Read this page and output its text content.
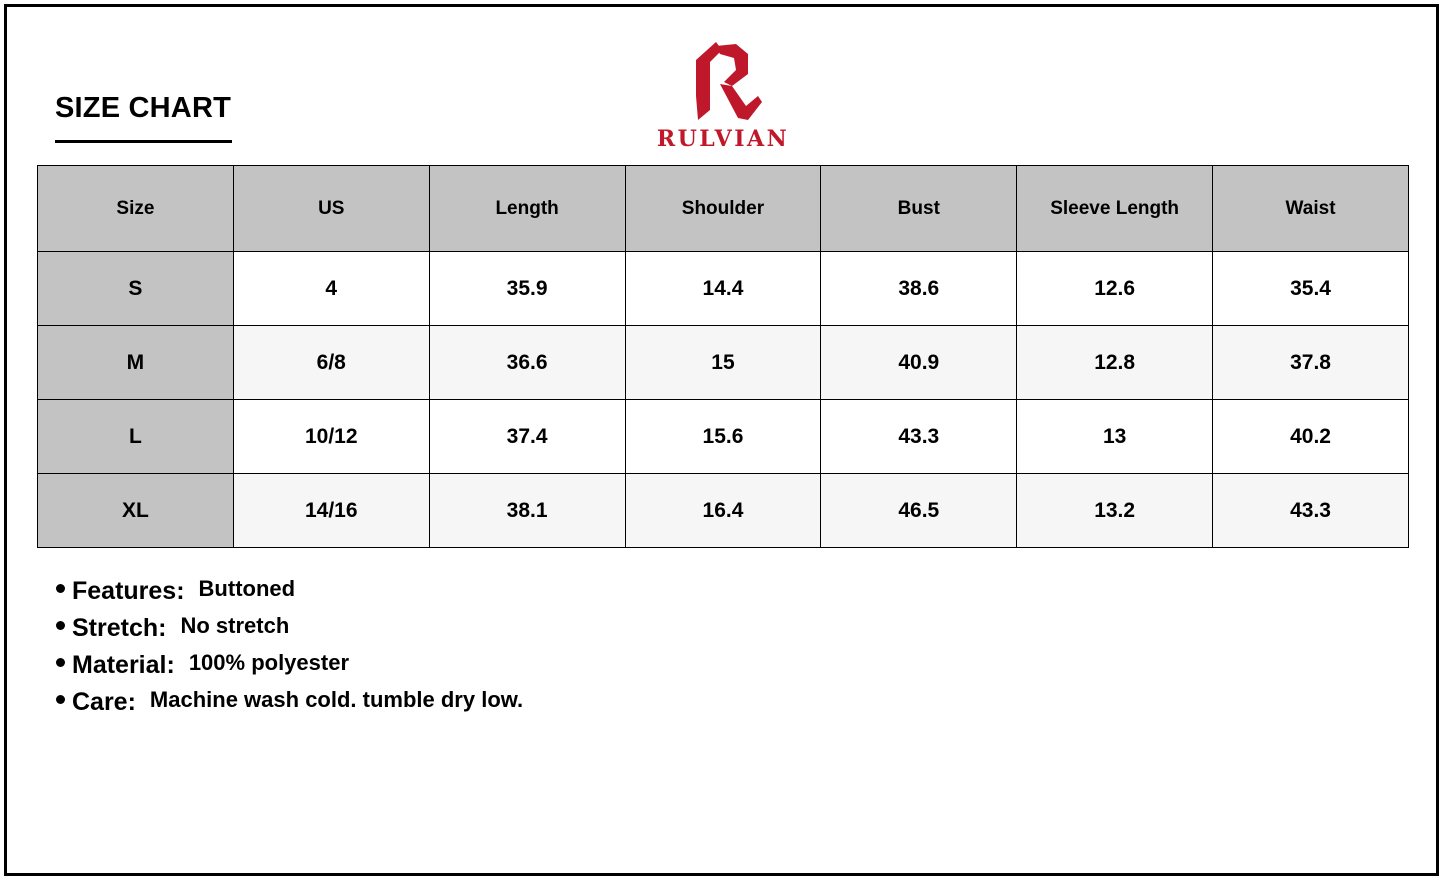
SIZE CHART
RULVIAN
Size	US	Length	Shoulder	Bust	Sleeve Length	Waist
S	4	35.9	14.4	38.6	12.6	35.4
M	6/8	36.6	15	40.9	12.8	37.8
L	10/12	37.4	15.6	43.3	13	40.2
XL	14/16	38.1	16.4	46.5	13.2	43.3
Features: Buttoned
Stretch: No stretch
Material: 100% polyester
Care: Machine wash cold. tumble dry low.
